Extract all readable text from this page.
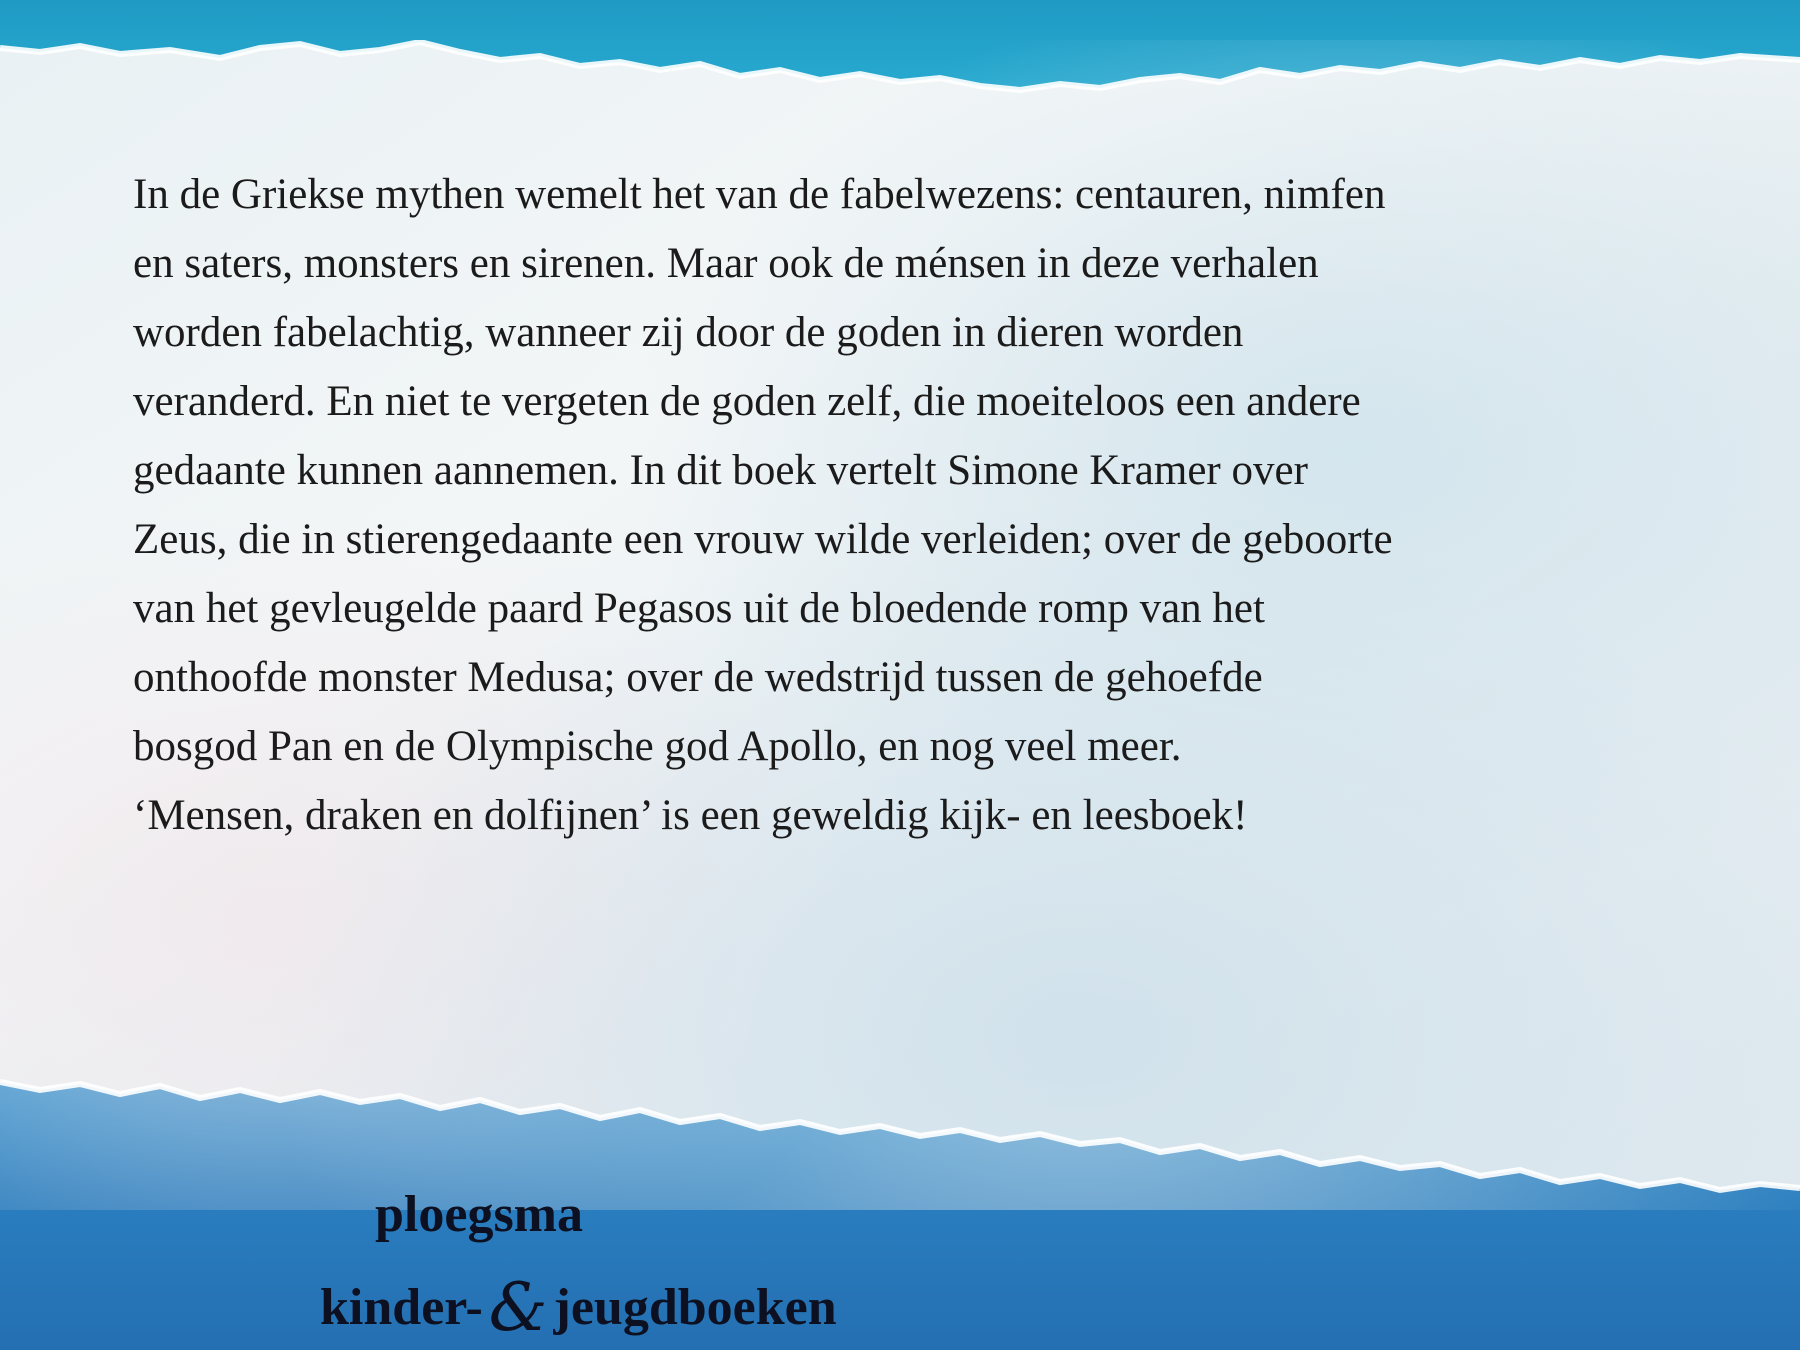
In de Griekse mythen wemelt het van de fabelwezens: centauren, nimfen
en saters, monsters en sirenen. Maar ook de ménsen in deze verhalen
worden fabelachtig, wanneer zij door de goden in dieren worden
veranderd. En niet te vergeten de goden zelf, die moeiteloos een andere
gedaante kunnen aannemen. In dit boek vertelt Simone Kramer over
Zeus, die in stierengedaante een vrouw wilde verleiden; over de geboorte
van het gevleugelde paard Pegasos uit de bloedende romp van het
onthoofde monster Medusa; over de wedstrijd tussen de gehoefde
bosgod Pan en de Olympische god Apollo, en nog veel meer.
‘Mensen, draken en dolfijnen’ is een geweldig kijk- en leesboek!
ploegsma
kinder-& jeugdboeken
